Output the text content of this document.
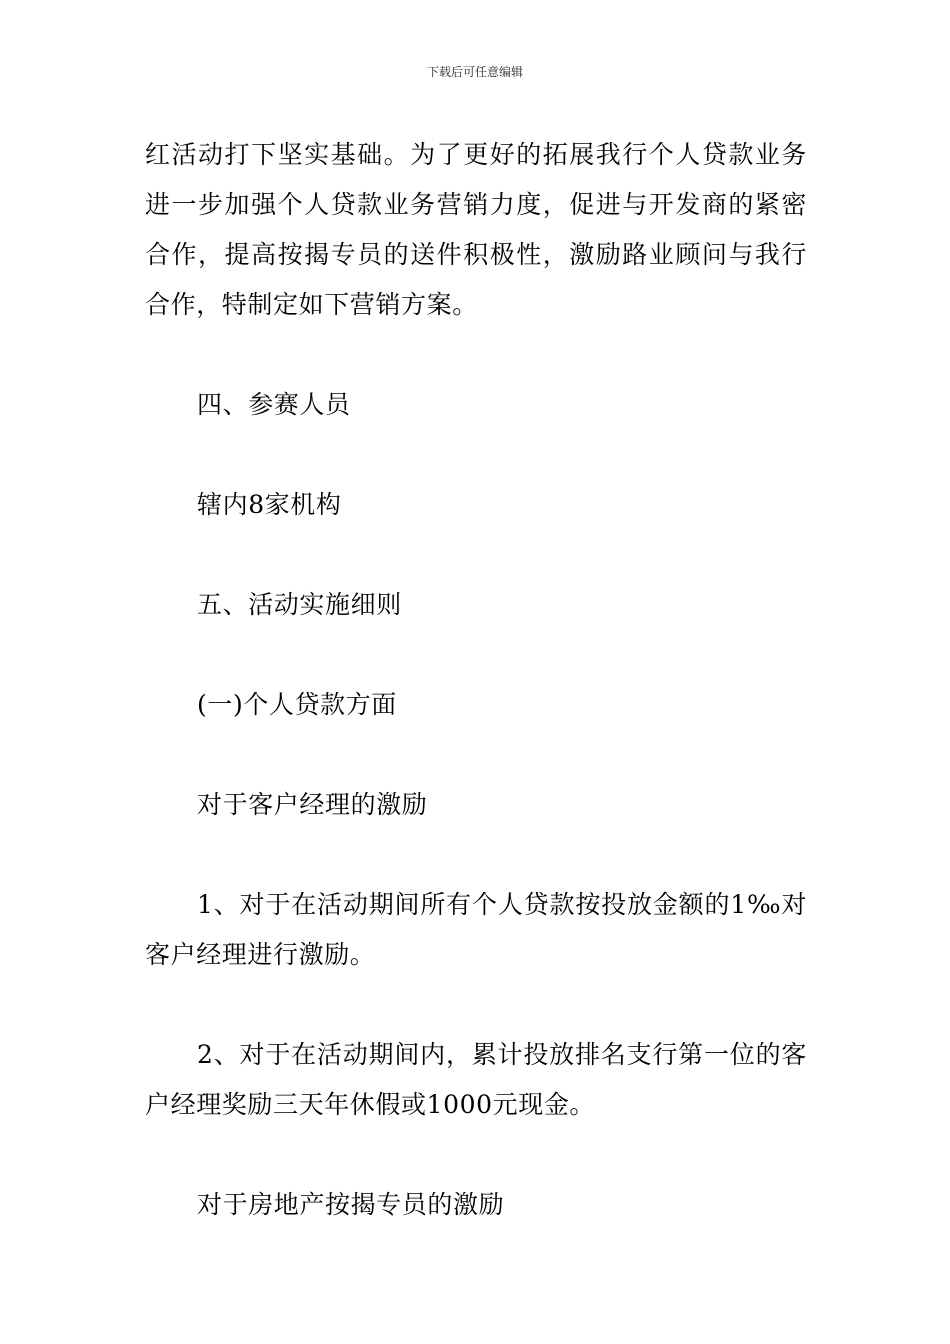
下载后可任意编辑

红活动打下坚实基础。为了更好的拓展我行个人贷款业务进一步加强个人贷款业务营销力度，促进与开发商的紧密合作，提高按揭专员的送件积极性，激励路业顾问与我行合作，特制定如下营销方案。

四、参赛人员

辖内8家机构

五、活动实施细则

(一)个人贷款方面

对于客户经理的激励

1、对于在活动期间所有个人贷款按投放金额的1‰对客户经理进行激励。

2、对于在活动期间内，累计投放排名支行第一位的客户经理奖励三天年休假或1000元现金。

对于房地产按揭专员的激励
